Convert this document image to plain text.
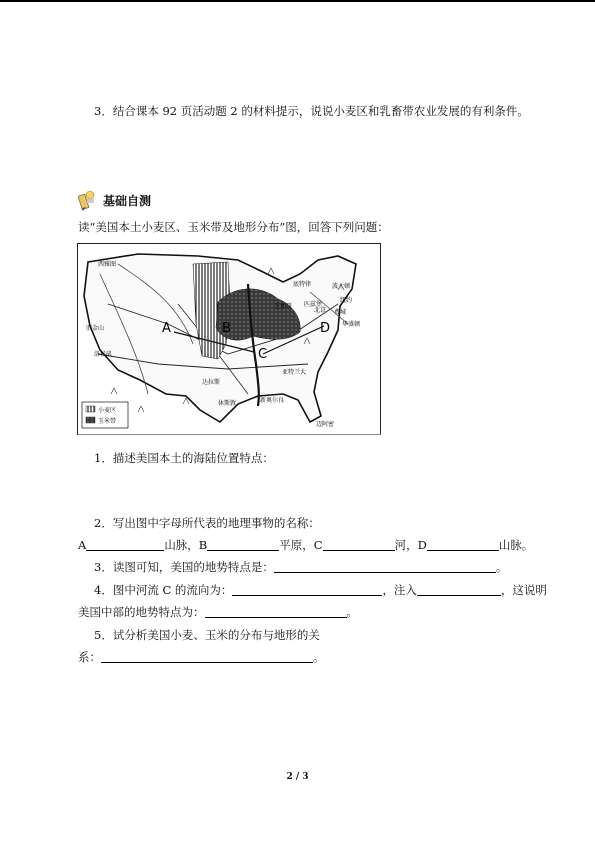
3．结合课本 92 页活动题 2 的材料提示，说说小麦区和乳畜带农业发展的有利条件。
基础自测
读“美国本土小麦区、玉米带及地形分布”图，回答下列问题：
A	B
C
D
西雅图
旧金山
洛杉矶
达拉斯
休斯敦	新奥尔良
亚特兰大
迈阿密
芝加哥
底特律	波士顿
纽约
费城
华盛顿
匹兹堡
北京
小麦区
玉米带
1．描述美国本土的海陆位置特点：
2．写出图中字母所代表的地理事物的名称：
A	山脉，B	平原，C	河，D	山脉。
3．读图可知，美国的地势特点是：	。
4．图中河流 C 的流向为：	，注入	，这说明
美国中部的地势特点为：	。
5．试分析美国小麦、玉米的分布与地形的关
系：	。
2 / 3
